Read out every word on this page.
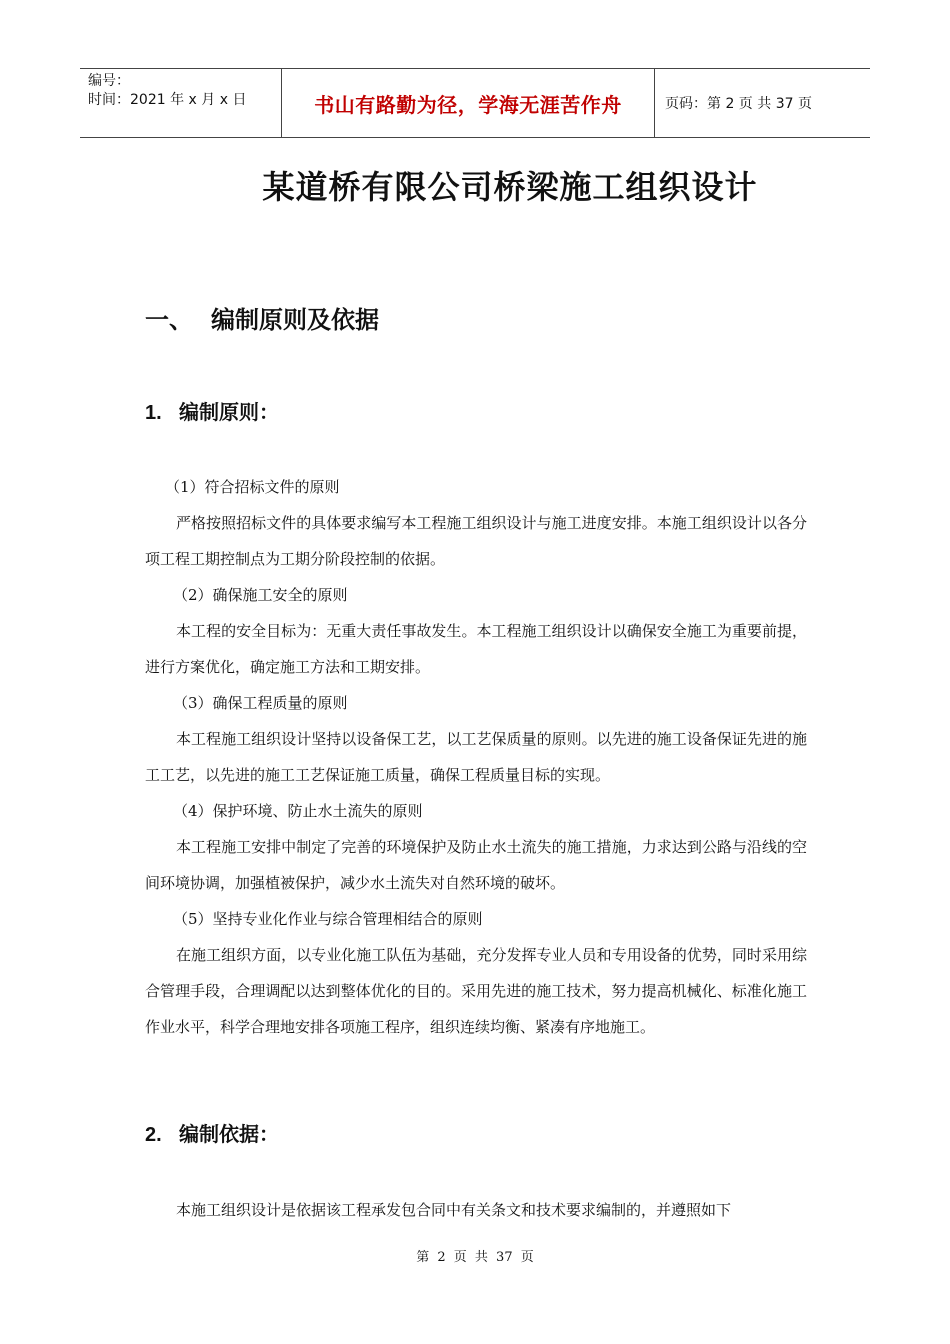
编号：
时间：2021 年 x 月 x 日	书山有路勤为径，学海无涯苦作舟	页码：第 2 页 共 37 页
某道桥有限公司桥梁施工组织设计
一、 编制原则及依据
1. 编制原则：
（1）符合招标文件的原则
严格按照招标文件的具体要求编写本工程施工组织设计与施工进度安排。本施工组织设计以各分项工程工期控制点为工期分阶段控制的依据。
（2）确保施工安全的原则
本工程的安全目标为：无重大责任事故发生。本工程施工组织设计以确保安全施工为重要前提，进行方案优化，确定施工方法和工期安排。
（3）确保工程质量的原则
本工程施工组织设计坚持以设备保工艺，以工艺保质量的原则。以先进的施工设备保证先进的施工工艺，以先进的施工工艺保证施工质量，确保工程质量目标的实现。
（4）保护环境、防止水土流失的原则
本工程施工安排中制定了完善的环境保护及防止水土流失的施工措施，力求达到公路与沿线的空间环境协调，加强植被保护，减少水土流失对自然环境的破坏。
（5）坚持专业化作业与综合管理相结合的原则
在施工组织方面，以专业化施工队伍为基础，充分发挥专业人员和专用设备的优势，同时采用综合管理手段，合理调配以达到整体优化的目的。采用先进的施工技术，努力提高机械化、标准化施工作业水平，科学合理地安排各项施工程序，组织连续均衡、紧凑有序地施工。
2. 编制依据：
本施工组织设计是依据该工程承发包合同中有关条文和技术要求编制的，并遵照如下
第 2 页 共 37 页
